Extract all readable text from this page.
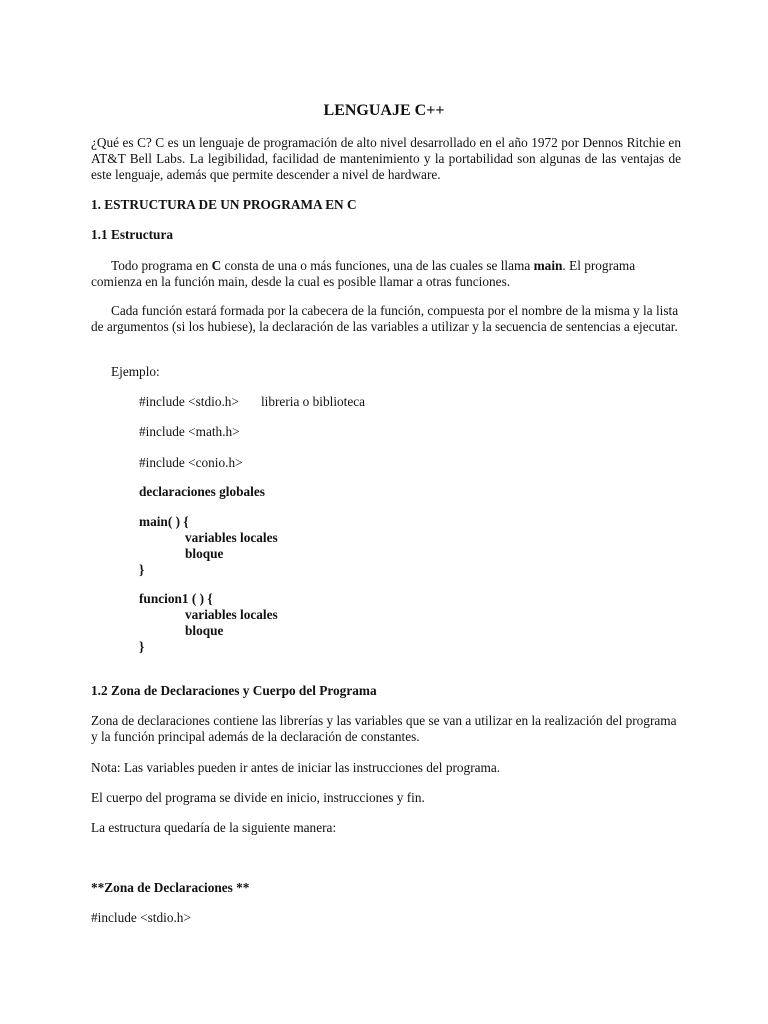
LENGUAJE C++

¿Qué es C? C es un lenguaje de programación de alto nivel desarrollado en el año 1972 por Dennos Ritchie en AT&T Bell Labs. La legibilidad, facilidad de mantenimiento y la portabilidad son algunas de las ventajas de este lenguaje, además que permite descender a nivel de hardware.

1. ESTRUCTURA DE UN PROGRAMA EN C

1.1 Estructura

Todo programa en C consta de una o más funciones, una de las cuales se llama main. El programa comienza en la función main, desde la cual es posible llamar a otras funciones.

Cada función estará formada por la cabecera de la función, compuesta por el nombre de la misma y la lista de argumentos (si los hubiese), la declaración de las variables a utilizar y la secuencia de sentencias a ejecutar.

Ejemplo:

#include <stdio.h> libreria o biblioteca

#include <math.h>

#include <conio.h>

declaraciones globales

main( ) {

variables locales

bloque

}

funcion1 ( ) {

variables locales

bloque

}

1.2 Zona de Declaraciones y Cuerpo del Programa

Zona de declaraciones contiene las librerías y las variables que se van a utilizar en la realización del programa y la función principal además de la declaración de constantes.

Nota: Las variables pueden ir antes de iniciar las instrucciones del programa.

El cuerpo del programa se divide en inicio, instrucciones y fin.

La estructura quedaría de la siguiente manera:

**Zona de Declaraciones **

#include <stdio.h>
